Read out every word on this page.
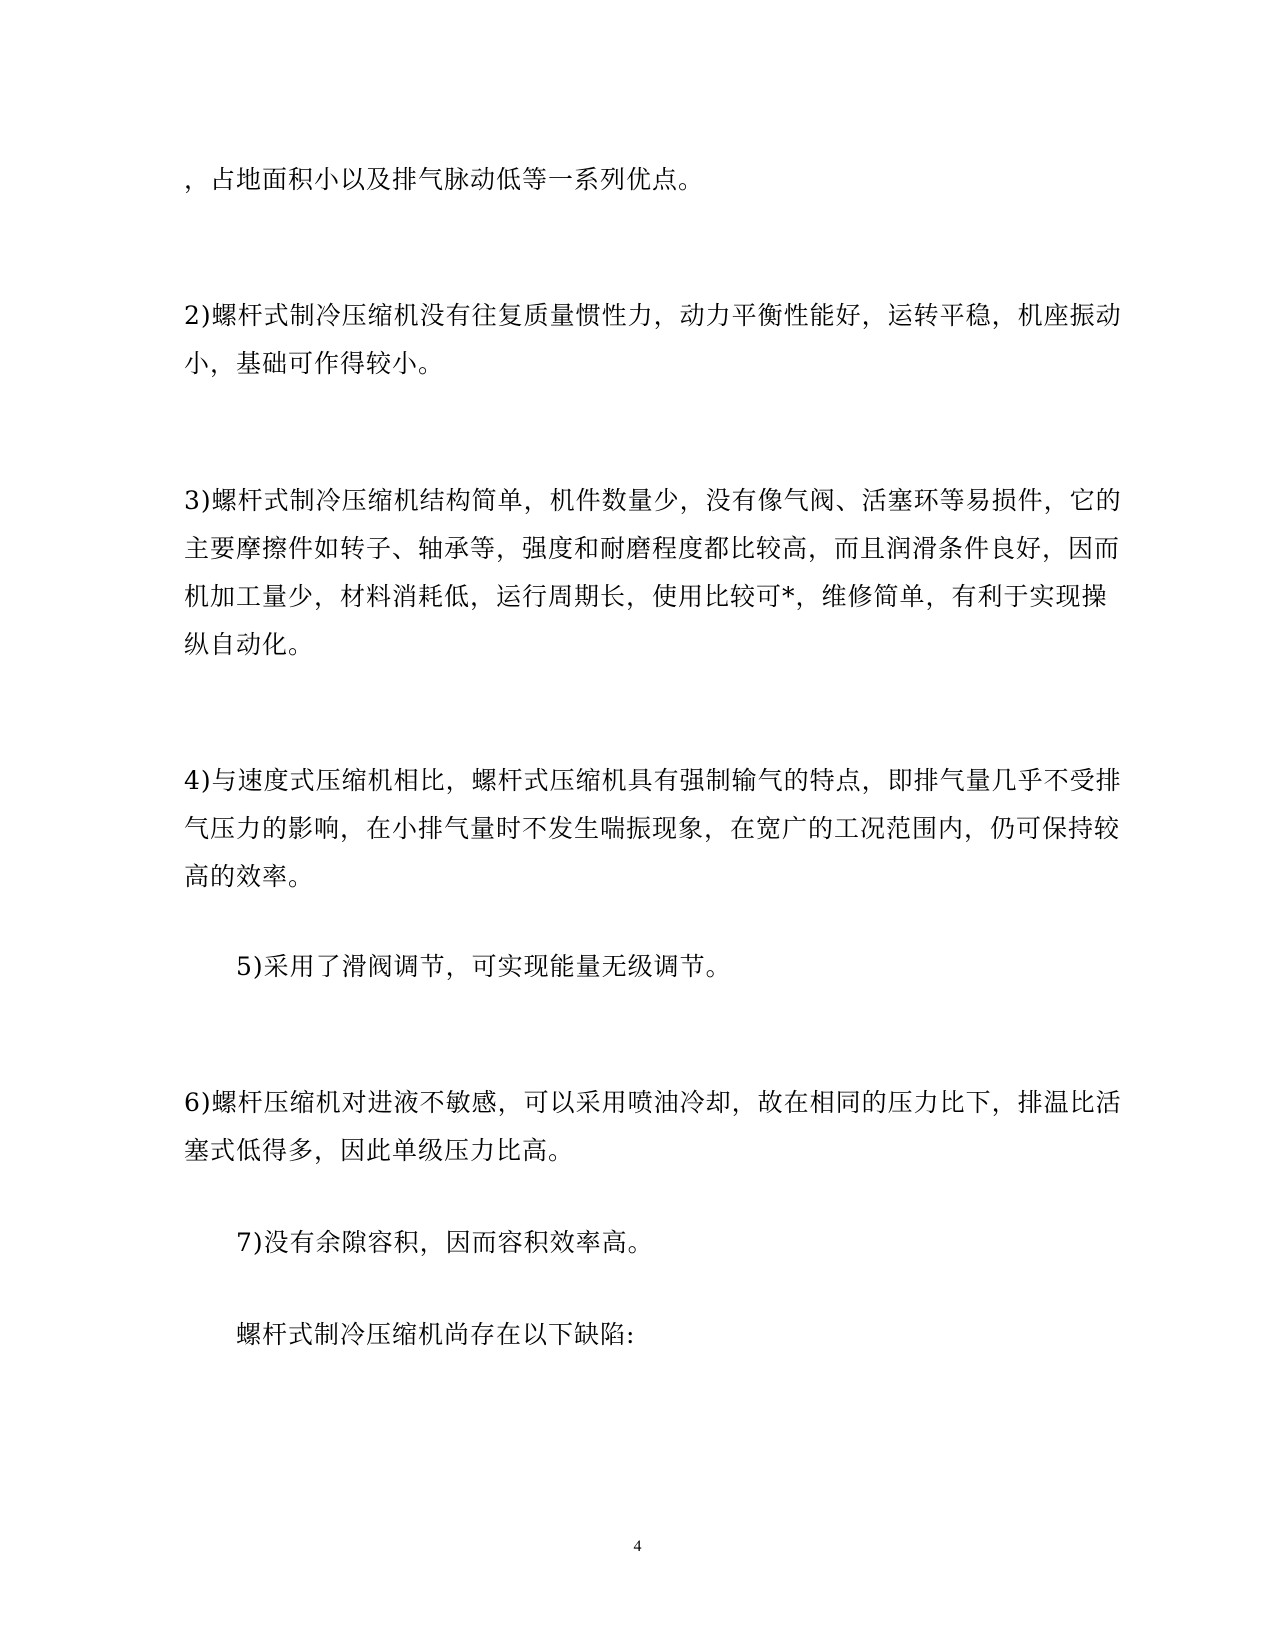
，占地面积小以及排气脉动低等一系列优点。

2)螺杆式制冷压缩机没有往复质量惯性力，动力平衡性能好，运转平稳，机座振动
小，基础可作得较小。

3)螺杆式制冷压缩机结构简单，机件数量少，没有像气阀、活塞环等易损件，它的
主要摩擦件如转子、轴承等，强度和耐磨程度都比较高，而且润滑条件良好，因而
机加工量少，材料消耗低，运行周期长，使用比较可*，维修简单，有利于实现操
纵自动化。

4)与速度式压缩机相比，螺杆式压缩机具有强制输气的特点，即排气量几乎不受排
气压力的影响，在小排气量时不发生喘振现象，在宽广的工况范围内，仍可保持较
高的效率。

5)采用了滑阀调节，可实现能量无级调节。

6)螺杆压缩机对进液不敏感，可以采用喷油冷却，故在相同的压力比下，排温比活
塞式低得多，因此单级压力比高。

7)没有余隙容积，因而容积效率高。

螺杆式制冷压缩机尚存在以下缺陷:

4
